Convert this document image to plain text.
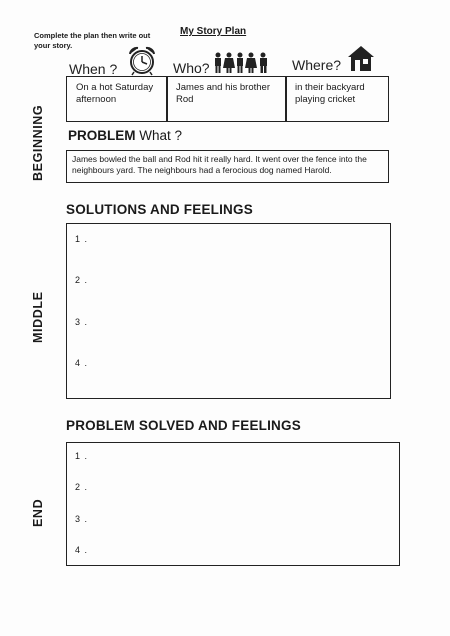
Complete the plan then write out your story.
My Story Plan
BEGINNING
MIDDLE
END
When ?	Who?	Where?
On a hot Saturday afternoon
James and his brother Rod
in their backyard playing cricket
PROBLEM What ?
James bowled the ball and Rod hit it really hard. It went over the fence into the neighbours yard. The neighbours had a ferocious dog named Harold.
SOLUTIONS AND FEELINGS
1 .
2 .
3 .
4 .
PROBLEM SOLVED AND FEELINGS
1 .
2 .
3 .
4 .
